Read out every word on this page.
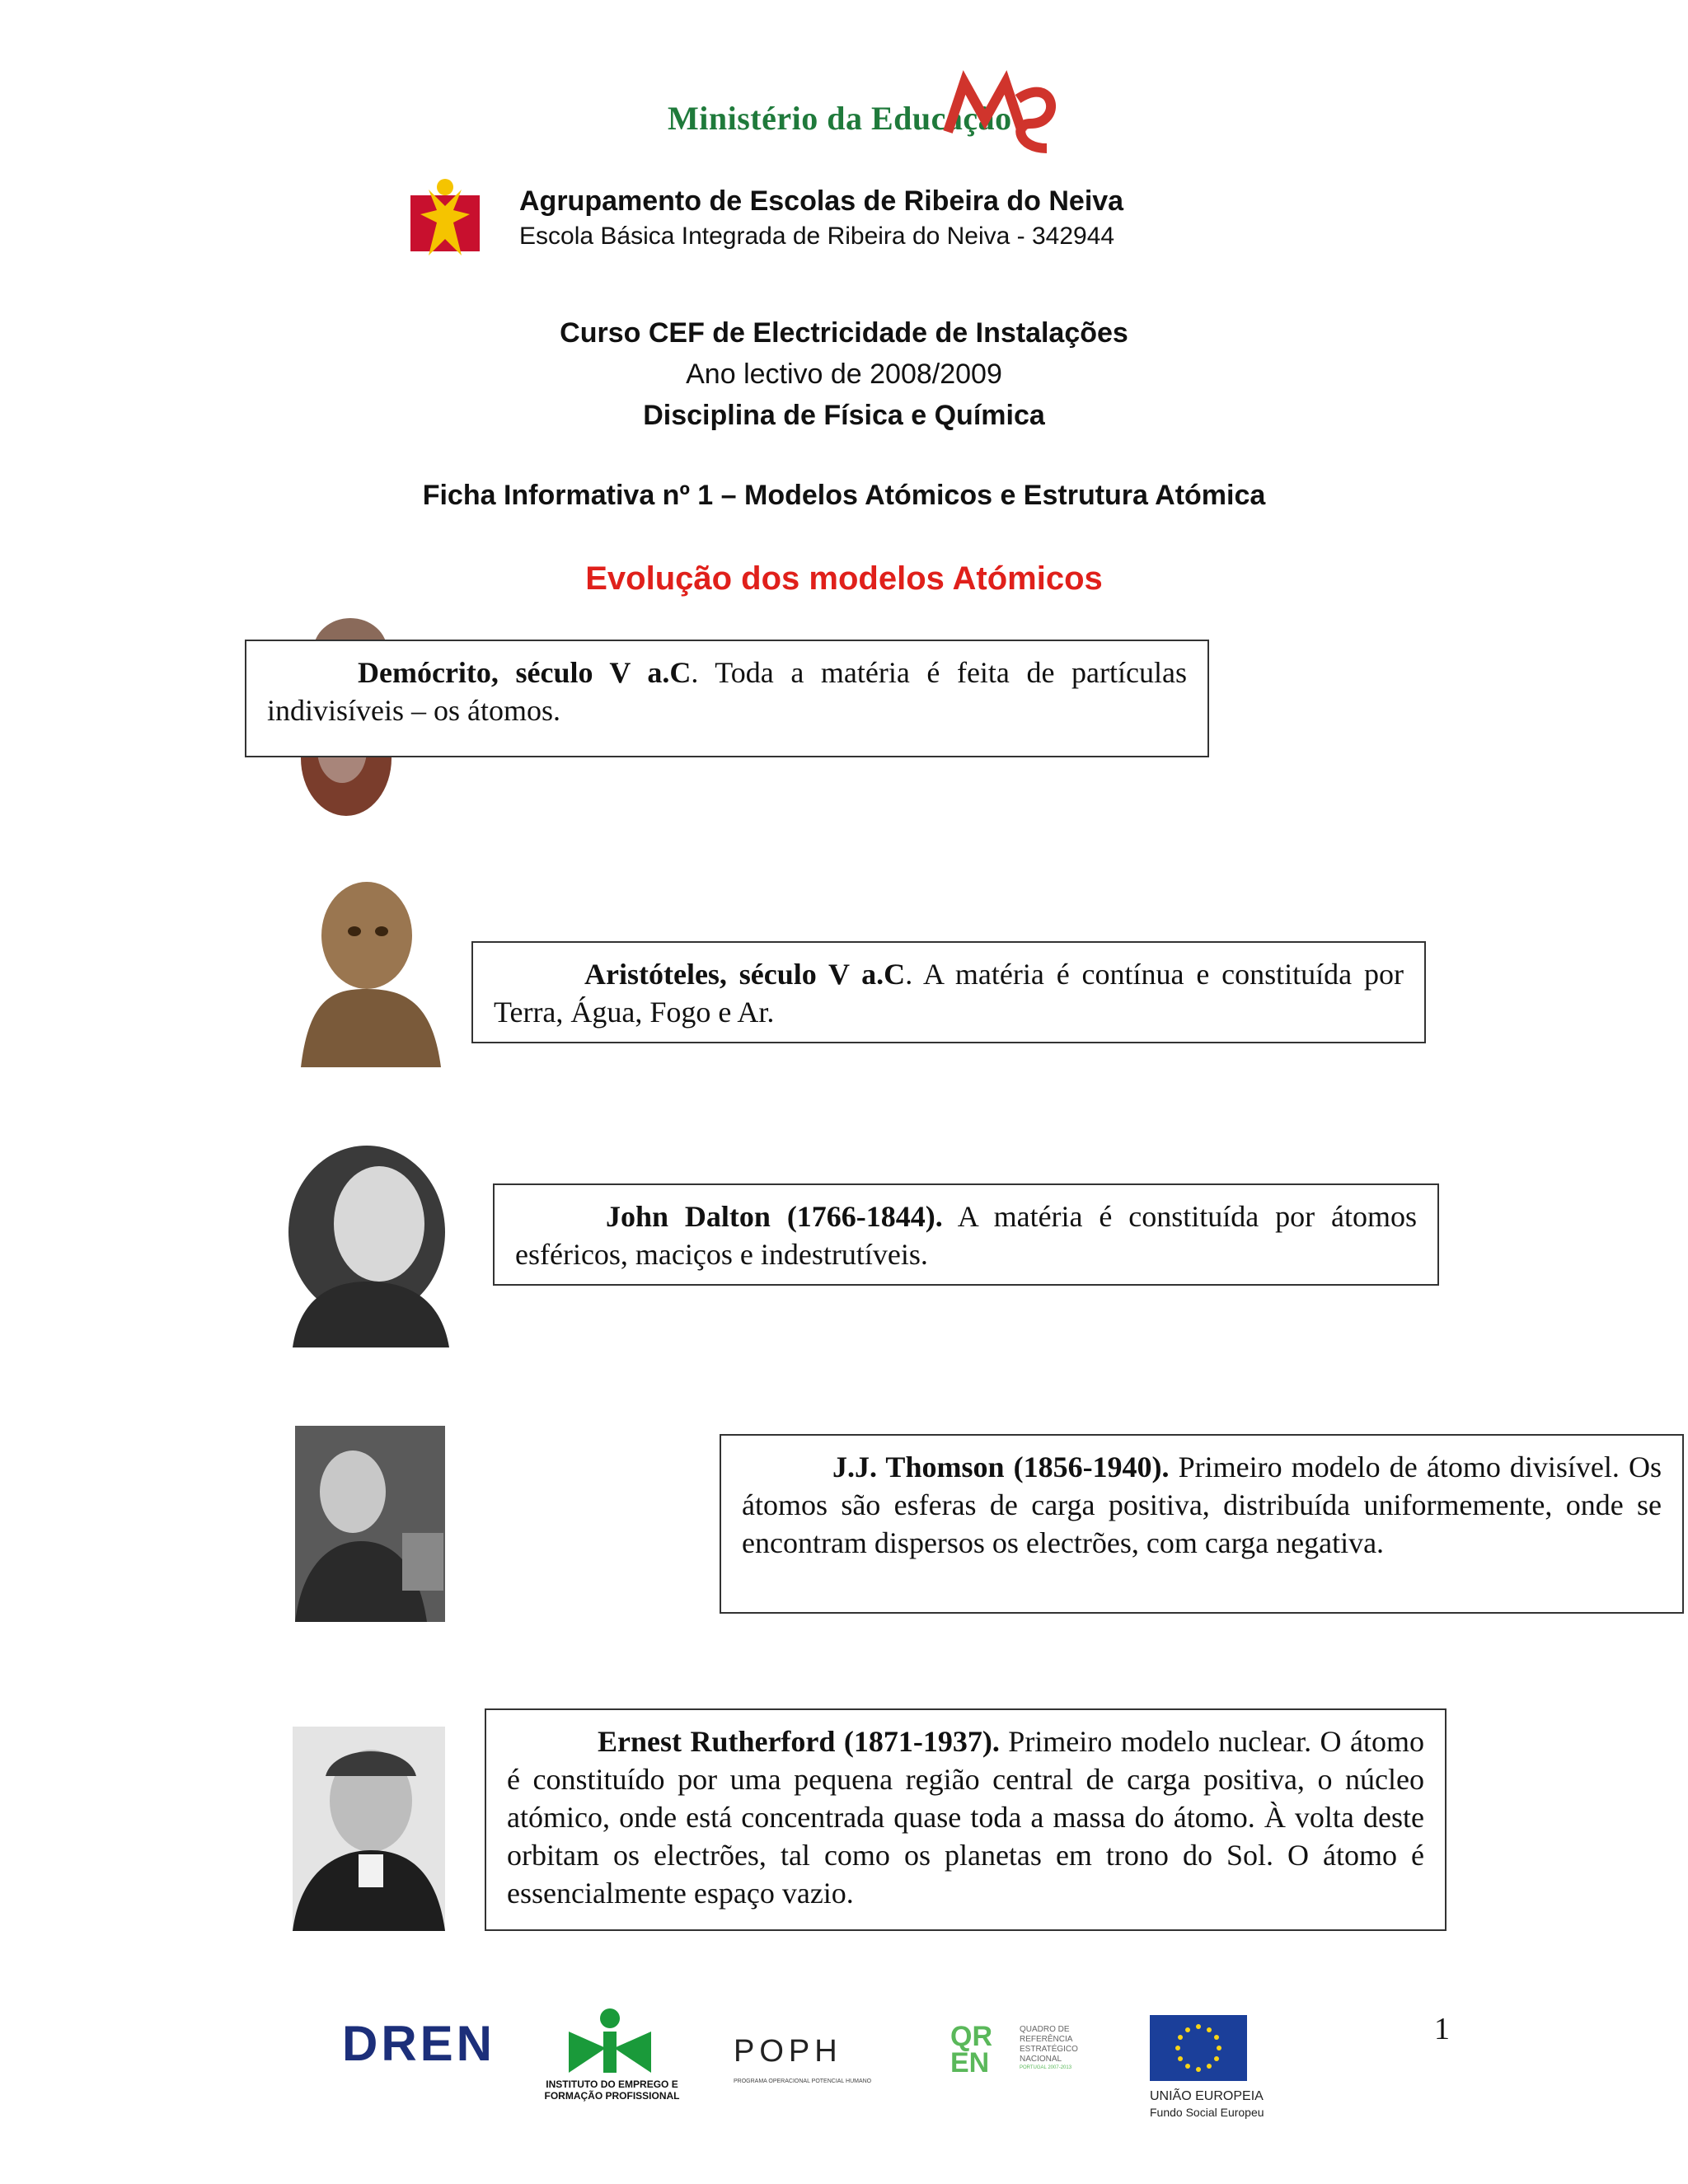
Ministério da Educação
Agrupamento de Escolas de Ribeira do Neiva
Escola Básica Integrada de Ribeira do Neiva - 342944
Curso CEF de Electricidade de Instalações
Ano lectivo de 2008/2009
Disciplina de Física e Química
Ficha Informativa nº 1 – Modelos Atómicos e Estrutura Atómica
Evolução dos modelos Atómicos
Demócrito, século V a.C. Toda a matéria é feita de partículas indivisíveis – os átomos.
Aristóteles, século V a.C. A matéria é contínua e constituída por Terra, Água, Fogo e Ar.
John Dalton (1766-1844). A matéria é constituída por átomos esféricos, maciços e indestrutíveis.
J.J. Thomson (1856-1940). Primeiro modelo de átomo divisível. Os átomos são esferas de carga positiva, distribuída uniformemente, onde se encontram dispersos os electrões, com carga negativa.
Ernest Rutherford (1871-1937). Primeiro modelo nuclear. O átomo é constituído por uma pequena região central de carga positiva, o núcleo atómico, onde está concentrada quase toda a massa do átomo. À volta deste orbitam os electrões, tal como os planetas em trono do Sol. O átomo é essencialmente espaço vazio.
DREN
INSTITUTO DO EMPREGO E FORMAÇÃO PROFISSIONAL
POPH
PROGRAMA OPERACIONAL POTENCIAL HUMANO
QR
EN
QUADRO DE REFERÊNCIA ESTRATÉGICO NACIONAL
PORTUGAL 2007-2013
UNIÃO EUROPEIA
Fundo Social Europeu
1
